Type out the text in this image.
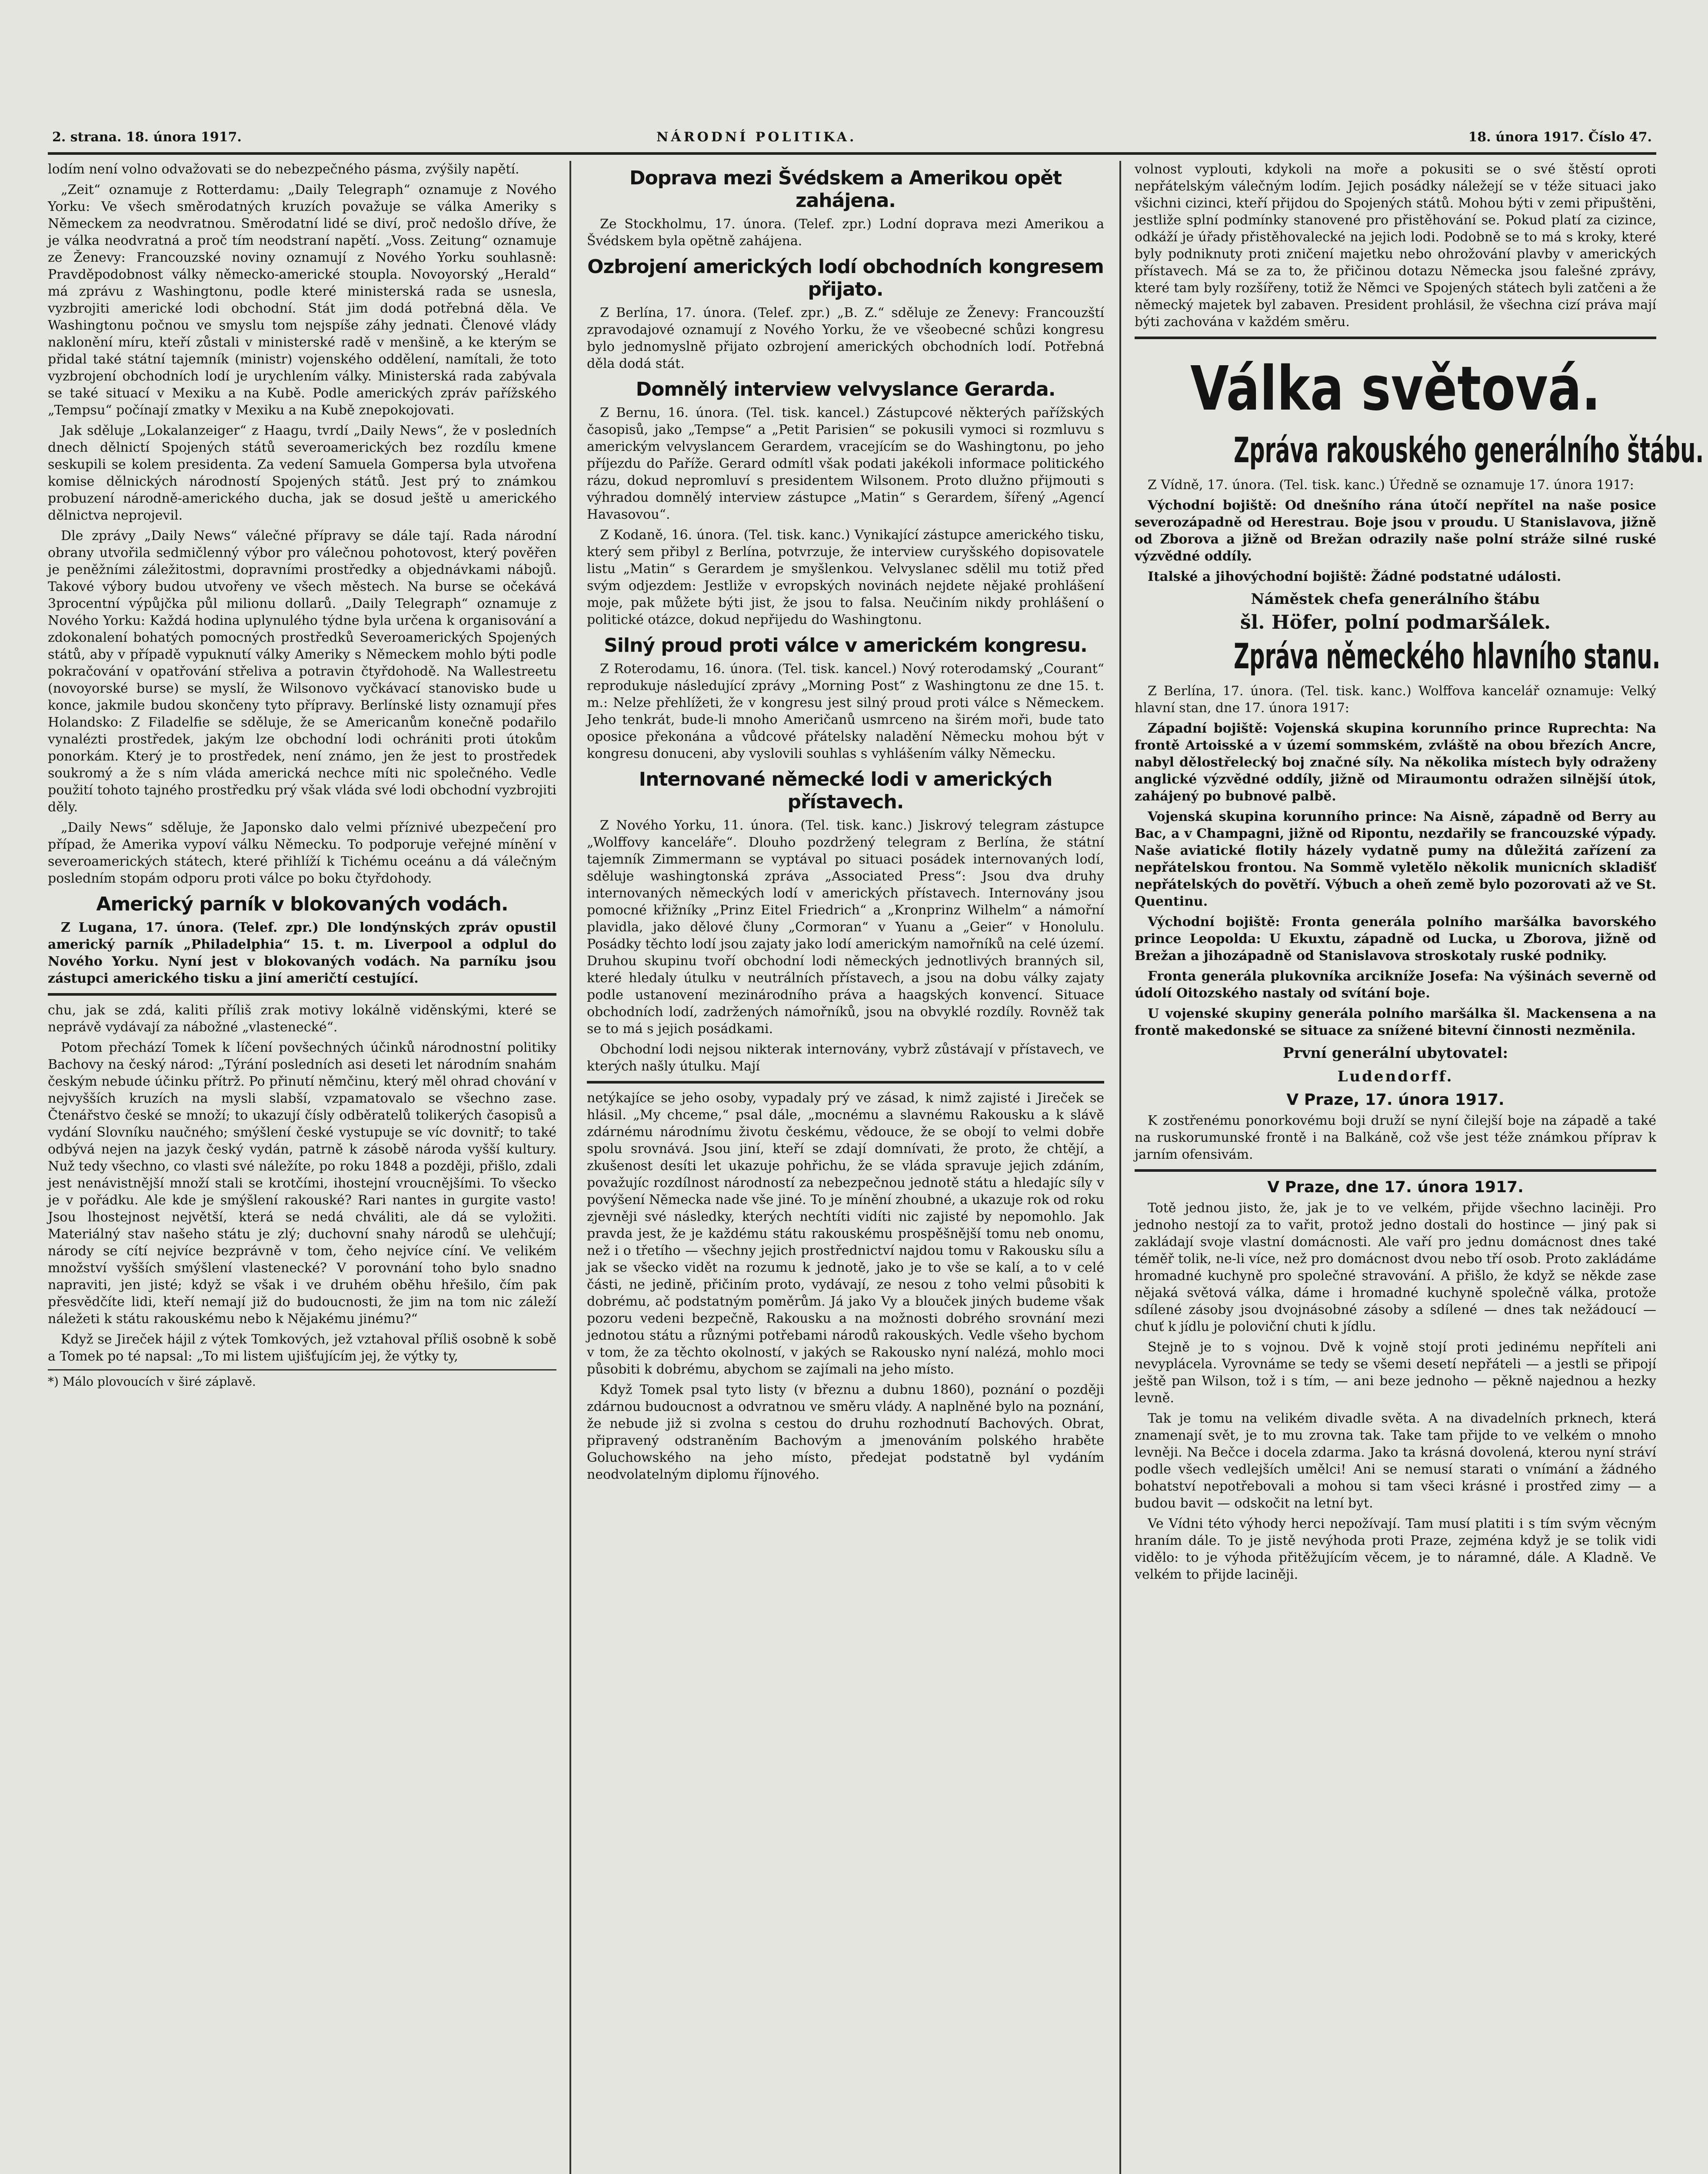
2. strana. 18. února 1917.	NÁRODNÍ POLITIKA.	18. února 1917. Číslo 47.

lodím není volno odvažovati se do nebezpečného pásma, zvýšily napětí.

„Zeit“ oznamuje z Rotterdamu: „Daily Telegraph“ oznamuje z Nového Yorku: Ve všech směrodatných kruzích považuje se válka Ameriky s Německem za neodvratnou. Směrodatní lidé se diví, proč nedošlo dříve, že je válka neodvratná a proč tím neodstraní napětí. „Voss. Zeitung“ oznamuje ze Ženevy: Francouzské noviny oznamují z Nového Yorku souhlasně: Pravděpodobnost války německo-americké stoupla. Novoyorský „Herald“ má zprávu z Washingtonu, podle které ministerská rada se usnesla, vyzbrojiti americké lodi obchodní. Stát jim dodá potřebná děla. Ve Washingtonu počnou ve smyslu tom nejspíše záhy jednati. Členové vlády naklonění míru, kteří zůstali v ministerské radě v menšině, a ke kterým se přidal také státní tajemník (ministr) vojenského oddělení, namítali, že toto vyzbrojení obchodních lodí je urychlením války. Ministerská rada zabývala se také situací v Mexiku a na Kubě. Podle amerických zpráv pařížského „Tempsu“ počínají zmatky v Mexiku a na Kubě znepokojovati.

Jak sděluje „Lokalanzeiger“ z Haagu, tvrdí „Daily News“, že v posledních dnech dělnictí Spojených států severoamerických bez rozdílu kmene seskupili se kolem presidenta. Za vedení Samuela Gompersa byla utvořena komise dělnických národností Spojených států. Jest prý to známkou probuzení národně-amerického ducha, jak se dosud ještě u amerického dělnictva neprojevil.

Dle zprávy „Daily News“ válečné přípravy se dále tají. Rada národní obrany utvořila sedmičlenný výbor pro válečnou pohotovost, který pověřen je peněžními záležitostmi, dopravními prostředky a objednávkami nábojů. Takové výbory budou utvořeny ve všech městech. Na burse se očekává 3procentní výpůjčka půl milionu dollarů. „Daily Telegraph“ oznamuje z Nového Yorku: Každá hodina uplynulého týdne byla určena k organisování a zdokonalení bohatých pomocných prostředků Severoamerických Spojených států, aby v případě vypuknutí války Ameriky s Německem mohlo býti podle pokračování v opatřování střeliva a potravin čtyřdohodě. Na Wallestreetu (novoyorské burse) se myslí, že Wilsonovo vyčkávací stanovisko bude u konce, jakmile budou skončeny tyto přípravy. Berlínské listy oznamují přes Holandsko: Z Filadelfie se sděluje, že se Americanům konečně podařilo vynalézti prostředek, jakým lze obchodní lodi ochrániti proti útokům ponorkám. Který je to prostředek, není známo, jen že jest to prostředek soukromý a že s ním vláda americká nechce míti nic společného. Vedle použití tohoto tajného prostředku prý však vláda své lodi obchodní vyzbrojiti děly.

„Daily News“ sděluje, že Japonsko dalo velmi příznivé ubezpečení pro případ, že Amerika vypoví válku Německu. To podporuje veřejné mínění v severoamerických státech, které přihlíží k Tichému oceánu a dá válečným posledním stopám odporu proti válce po boku čtyřdohody.

Americký parník v blokovaných vodách.

Z Lugana, 17. února. (Telef. zpr.) Dle londýnských zpráv opustil americký parník „Philadelphia“ 15. t. m. Liverpool a odplul do Nového Yorku. Nyní jest v blokovaných vodách. Na parníku jsou zástupci amerického tisku a jiní američtí cestující.

chu, jak se zdá, kaliti příliš zrak motivy lokálně viděnskými, které se neprávě vydávají za nábožné „vlastenecké“.

Potom přechází Tomek k líčení povšechných účinků národnostní politiky Bachovy na český národ: „Týrání posledních asi deseti let národním snahám českým nebude účinku přítrž. Po přinutí němčinu, který měl ohrad chování v nejvyšších kruzích na mysli slabší, vzpamatovalo se všechno zase. Čtenářstvo české se množí; to ukazují čísly odběratelů tolikerých časopisů a vydání Slovníku naučného; smýšlení české vystupuje se víc dovnitř; to také odbývá nejen na jazyk český vydán, patrně k zásobě národa vyšší kultury. Nuž tedy všechno, co vlasti své náležíte, po roku 1848 a později, přišlo, zdali jest nenávistnější množí stali se krotčími, ihostejní vroucnějšími. To všecko je v pořádku. Ale kde je smýšlení rakouské? Rari nantes in gurgite vasto! Jsou lhostejnost největší, která se nedá chváliti, ale dá se vyložiti. Materiálný stav našeho státu je zlý; duchovní snahy národů se ulehčují; národy se cítí nejvíce bezprávně v tom, čeho nejvíce cíní. Ve velikém množství vyšších smýšlení vlastenecké? V porovnání toho bylo snadno napraviti, jen jisté; když se však i ve druhém oběhu hřešilo, čím pak přesvědčíte lidi, kteří nemají již do budoucnosti, že jim na tom nic záleží náležeti k státu rakouskému nebo k Nějakému jinému?“

Když se Jireček hájil z výtek Tomkových, jež vztahoval příliš osobně k sobě a Tomek po té napsal: „To mi listem ujišťujícím jej, že výtky ty,

*) Málo plovoucích v širé záplavě.
Doprava mezi Švédskem a Amerikou opět zahájena.

Ze Stockholmu, 17. února. (Telef. zpr.) Lodní doprava mezi Amerikou a Švédskem byla opětně zahájena.

Ozbrojení amerických lodí obchodních kongresem přijato.

Z Berlína, 17. února. (Telef. zpr.) „B. Z.“ sděluje ze Ženevy: Francouzští zpravodajové oznamují z Nového Yorku, že ve všeobecné schůzi kongresu bylo jednomyslně přijato ozbrojení amerických obchodních lodí. Potřebná děla dodá stát.

Domnělý interview velvyslance Gerarda.

Z Bernu, 16. února. (Tel. tisk. kancel.) Zástupcové některých pařížských časopisů, jako „Tempse“ a „Petit Parisien“ se pokusili vymoci si rozmluvu s americkým velvyslancem Gerardem, vracejícím se do Washingtonu, po jeho příjezdu do Paříže. Gerard odmítl však podati jakékoli informace politického rázu, dokud nepromluví s presidentem Wilsonem. Proto dlužno přijmouti s výhradou domnělý interview zástupce „Matin“ s Gerardem, šířený „Agencí Havasovou“.

Z Kodaně, 16. února. (Tel. tisk. kanc.) Vynikající zástupce amerického tisku, který sem přibyl z Berlína, potvrzuje, že interview curyšského dopisovatele listu „Matin“ s Gerardem je smyšlenkou. Velvyslanec sdělil mu totiž před svým odjezdem: Jestliže v evropských novinách nejdete nějaké prohlášení moje, pak můžete býti jist, že jsou to falsa. Neučiním nikdy prohlášení o politické otázce, dokud nepřijedu do Washingtonu.

Silný proud proti válce v americkém kongresu.

Z Roterodamu, 16. února. (Tel. tisk. kancel.) Nový roterodamský „Courant“ reprodukuje následující zprávy „Morning Post“ z Washingtonu ze dne 15. t. m.: Nelze přehlížeti, že v kongresu jest silný proud proti válce s Německem. Jeho tenkrát, bude-li mnoho Američanů usmrceno na širém moři, bude tato oposice překonána a vůdcové přátelsky naladění Německu mohou být v kongresu donuceni, aby vyslovili souhlas s vyhlášením války Německu.

Internované německé lodi v amerických přístavech.

Z Nového Yorku, 11. února. (Tel. tisk. kanc.) Jiskrový telegram zástupce „Wolffovy kanceláře“. Dlouho pozdržený telegram z Berlína, že státní tajemník Zimmermann se vyptával po situaci posádek internovaných lodí, sděluje washingtonská zpráva „Associated Press“: Jsou dva druhy internovaných německých lodí v amerických přístavech. Internovány jsou pomocné křižníky „Prinz Eitel Friedrich“ a „Kronprinz Wilhelm“ a námořní plavidla, jako dělové čluny „Cormoran“ v Yuanu a „Geier“ v Honolulu. Posádky těchto lodí jsou zajaty jako lodí americkým namořníků na celé území. Druhou skupinu tvoří obchodní lodi německých jednotlivých branných sil, které hledaly útulku v neutrálních přístavech, a jsou na dobu války zajaty podle ustanovení mezinárodního práva a haagských konvencí. Situace obchodních lodí, zadržených námořníků, jsou na obvyklé rozdíly. Rovněž tak se to má s jejich posádkami.

Obchodní lodi nejsou nikterak internovány, vybrž zůstávají v přístavech, ve kterých našly útulku. Mají

netýkajíce se jeho osoby, vypadaly prý ve zásad, k nimž zajisté i Jireček se hlásil. „My chceme,“ psal dále, „mocnému a slavnému Rakousku a k slávě zdárnému národnímu životu českému, vědouce, že se obojí to velmi dobře spolu srovnává. Jsou jiní, kteří se zdají domnívati, že proto, že chtějí, a zkušenost desíti let ukazuje pohřichu, že se vláda spravuje jejich zdáním, považujíc rozdílnost národností za nebezpečnou jednotě státu a hledajíc síly v povýšení Německa nade vše jiné. To je mínění zhoubné, a ukazuje rok od roku zjevněji své následky, kterých nechtíti vidíti nic zajisté by nepomohlo. Jak pravda jest, že je každému státu rakouskému prospěšnější tomu neb onomu, než i o třetího — všechny jejich prostřednictví najdou tomu v Rakousku sílu a jak se všecko vidět na rozumu k jednotě, jako je to vše se kalí, a to v celé části, ne jedině, přičiním proto, vydávají, ze nesou z toho velmi působiti k dobrému, ač podstatným poměrům. Já jako Vy a blouček jiných budeme však pozoru vedeni bezpečně, Rakousku a na možnosti dobrého srovnání mezi jednotou státu a různými potřebami národů rakouských. Vedle všeho bychom v tom, že za těchto okolností, v jakých se Rakousko nyní nalézá, mohlo moci působiti k dobrému, abychom se zajímali na jeho místo.

Když Tomek psal tyto listy (v březnu a dubnu 1860), poznání o později zdárnou budoucnost a odvratnou ve směru vlády. A naplněné bylo na poznání, že nebude již si zvolna s cestou do druhu rozhodnutí Bachových. Obrat, připravený odstraněním Bachovým a jmenováním polského hraběte Goluchowského na jeho místo, předejat podstatně byl vydáním neodvolatelným diplomu říjnového.

volnost vyplouti, kdykoli na moře a pokusiti se o své štěstí oproti nepřátelským válečným lodím. Jejich posádky náležejí se v téže situaci jako všichni cizinci, kteří přijdou do Spojených států. Mohou býti v zemi připuštěni, jestliže splní podmínky stanovené pro přistěhování se. Pokud platí za cizince, odkáží je úřady přistěhovalecké na jejich lodi. Podobně se to má s kroky, které byly podniknuty proti zničení majetku nebo ohrožování plavby v amerických přístavech. Má se za to, že přičinou dotazu Německa jsou falešné zprávy, které tam byly rozšířeny, totiž že Němci ve Spojených státech byli zatčeni a že německý majetek byl zabaven. President prohlásil, že všechna cizí práva mají býti zachována v každém směru.

Válka světová.
Zpráva rakouského generálního štábu.

Z Vídně, 17. února. (Tel. tisk. kanc.) Úředně se oznamuje 17. února 1917:

Východní bojiště: Od dnešního rána útočí nepřítel na naše posice severozápadně od Herestrau. Boje jsou v proudu. U Stanislavova, jižně od Zborova a jižně od Brežan odrazily naše polní stráže silné ruské výzvědné oddíly.

Italské a jihovýchodní bojiště: Žádné podstatné události.

Náměstek chefa generálního štábu
šl. Höfer, polní podmaršálek.
Zpráva německého hlavního stanu.

Z Berlína, 17. února. (Tel. tisk. kanc.) Wolffova kancelář oznamuje: Velký hlavní stan, dne 17. února 1917:

Západní bojiště: Vojenská skupina korunního prince Ruprechta: Na frontě Artoisské a v území sommském, zvláště na obou březích Ancre, nabyl dělostřelecký boj značné síly. Na několika místech byly odraženy anglické výzvědné oddíly, jižně od Miraumontu odražen silnější útok, zahájený po bubnové palbě.

Vojenská skupina korunního prince: Na Aisně, západně od Berry au Bac, a v Champagni, jižně od Ripontu, nezdařily se francouzské výpady. Naše aviatické flotily házely vydatně pumy na důležitá zařízení za nepřátelskou frontou. Na Sommě vyletělo několik municních skladišť nepřátelských do povětří. Výbuch a oheň země bylo pozorovati až ve St. Quentinu.

Východní bojiště: Fronta generála polního maršálka bavorského prince Leopolda: U Ekuxtu, západně od Lucka, u Zborova, jižně od Brežan a jihozápadně od Stanislavova stroskotaly ruské podniky.

Fronta generála plukovníka arcikníže Josefa: Na výšinách severně od údolí Oitozského nastaly od svítání boje.

U vojenské skupiny generála polního maršálka šl. Mackensena a na frontě makedonské se situace za snížené bitevní činnosti nezměnila.

První generální ubytovatel:
Ludendorff.
V Praze, 17. února 1917.

K zostřenému ponorkovému boji druží se nyní čilejší boje na západě a také na ruskorumunské frontě i na Balkáně, což vše jest téže známkou příprav k jarním ofensivám.

V Praze, dne 17. února 1917.

Totě jednou jisto, že, jak je to ve velkém, přijde všechno laciněji. Pro jednoho nestojí za to vařit, protož jedno dostali do hostince — jiný pak si zakládají svoje vlastní domácnosti. Ale vaří pro jednu domácnost dnes také téměř tolik, ne-li více, než pro domácnost dvou nebo tří osob. Proto zakládáme hromadné kuchyně pro společné stravování. A přišlo, že když se někde zase nějaká světová válka, dáme i hromadné kuchyně společně válka, protože sdílené zásoby jsou dvojnásobné zásoby a sdílené — dnes tak nežádoucí — chuť k jídlu je poloviční chuti k jídlu.

Stejně je to s vojnou. Dvě k vojně stojí proti jedinému nepříteli ani nevyplácela. Vyrovnáme se tedy se všemi desetí nepřáteli — a jestli se připojí ještě pan Wilson, tož i s tím, — ani beze jednoho — pěkně najednou a hezky levně.

Tak je tomu na velikém divadle světa. A na divadelních prknech, která znamenají svět, je to mu zrovna tak. Take tam přijde to ve velkém o mnoho levněji. Na Bečce i docela zdarma. Jako ta krásná dovolená, kterou nyní stráví podle všech vedlejších umělci! Ani se nemusí starati o vnímání a žádného bohatství nepotřebovali a mohou si tam všeci krásné i prostřed zimy — a budou bavit — odskočit na letní byt.

Ve Vídni této výhody herci nepožívají. Tam musí platiti i s tím svým věcným hraním dále. To je jistě nevýhoda proti Praze, zejména když je se tolik vidi vidělo: to je výhoda přitěžujícím věcem, je to náramné, dále. A Kladně. Ve velkém to přijde laciněji.
